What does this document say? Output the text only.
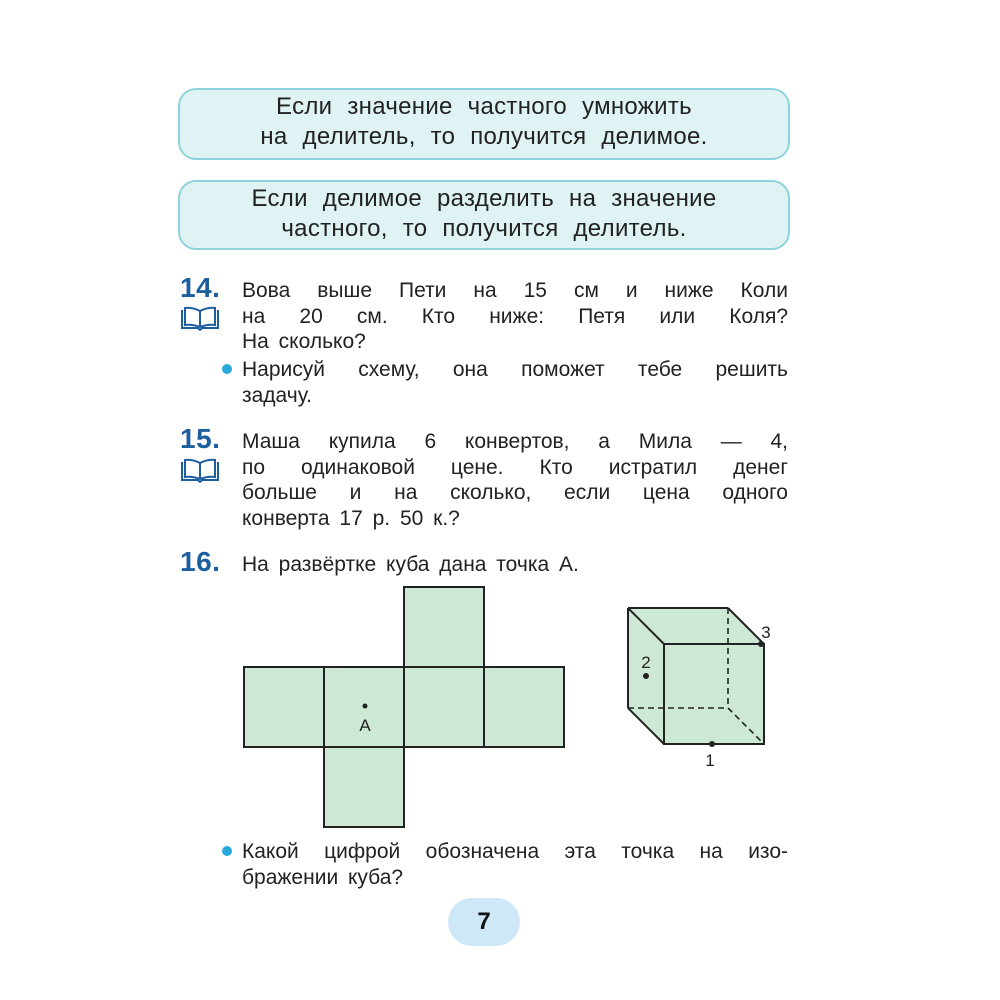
Если значение частного умножить
на делитель, то получится делимое.
Если делимое разделить на значение
частного, то получится делитель.
14. Вова выше Пети на 15 см и ниже Коли
на 20 см. Кто ниже: Петя или Коля?
На сколько?
Нарисуй схему, она поможет тебе решить
задачу.
15. Маша купила 6 конвертов, а Мила — 4,
по одинаковой цене. Кто истратил денег
больше и на сколько, если цена одного
конверта 17 р. 50 к.?
16. На развёртке куба дана точка А.
А
1
2
3
Какой цифрой обозначена эта точка на изо-
бражении куба?
7
